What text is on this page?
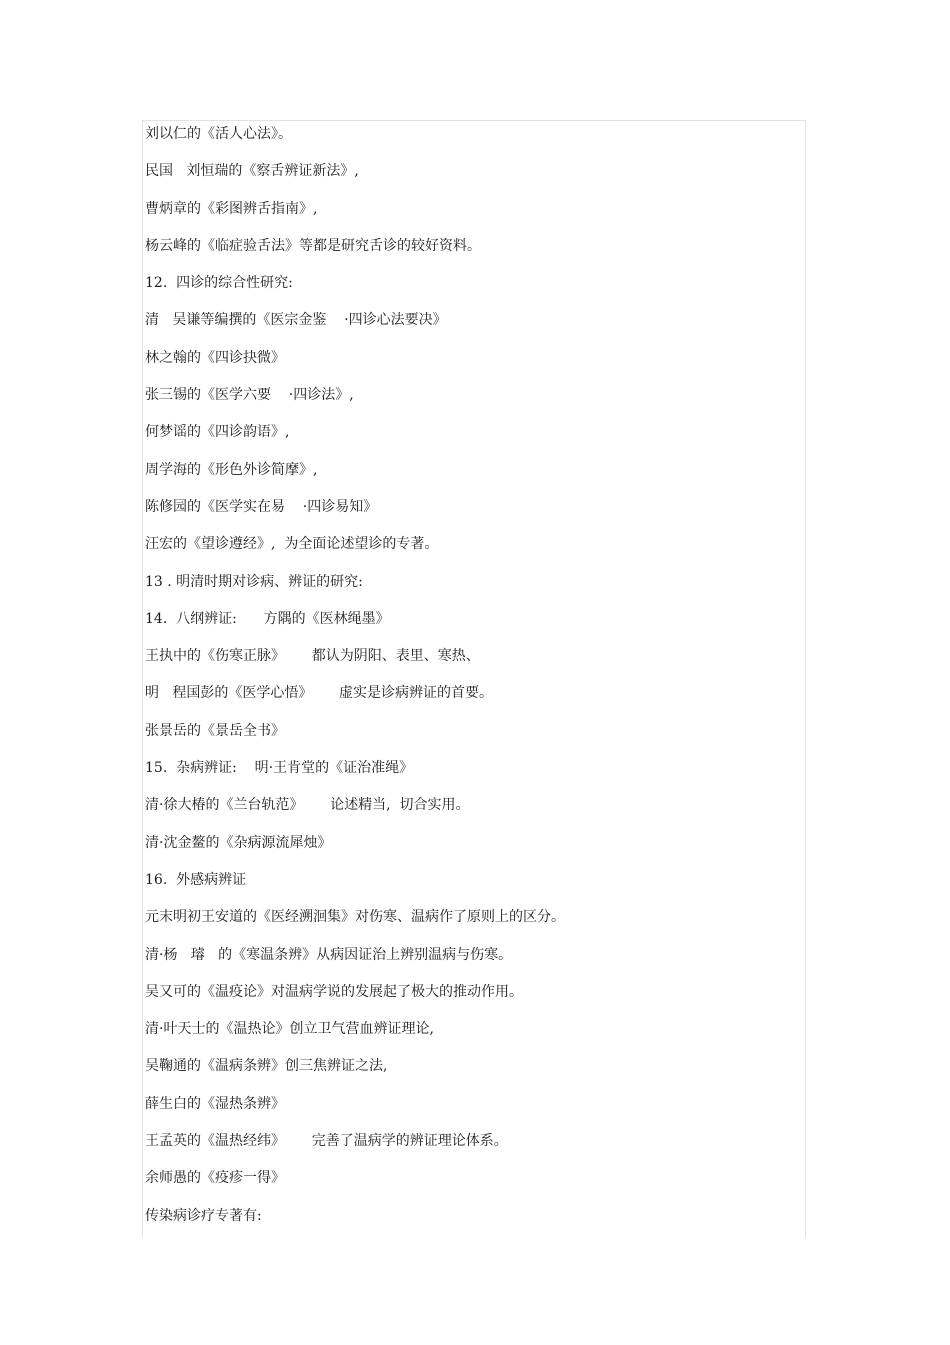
刘以仁的《活人心法》。

民国   刘恒瑞的《察舌辨证新法》,

曹炳章的《彩图辨舌指南》,

杨云峰的《临症验舌法》等都是研究舌诊的较好资料。

12.  四诊的综合性研究:

清   吴谦等编撰的《医宗金鉴    ·四诊心法要决》

林之翰的《四诊抉微》

张三锡的《医学六要    ·四诊法》,

何梦谣的《四诊韵语》,

周学海的《形色外诊简摩》,

陈修园的《医学实在易    ·四诊易知》

汪宏的《望诊遵经》,  为全面论述望诊的专著。

13 . 明清时期对诊病、辨证的研究:

14.  八纲辨证:      方隅的《医林绳墨》

王执中的《伤寒正脉》      都认为阴阳、表里、寒热、

明   程国彭的《医学心悟》      虚实是诊病辨证的首要。

张景岳的《景岳全书》

15.  杂病辨证:    明·王肯堂的《证治准绳》

清·徐大椿的《兰台轨范》      论述精当,  切合实用。

清·沈金鳌的《杂病源流犀烛》

16.  外感病辨证

元末明初王安道的《医经溯洄集》对伤寒、温病作了原则上的区分。

清·杨   璿   的《寒温条辨》从病因证治上辨别温病与伤寒。

吴又可的《温疫论》对温病学说的发展起了极大的推动作用。

清·叶天士的《温热论》创立卫气营血辨证理论,

吴鞠通的《温病条辨》创三焦辨证之法,

薛生白的《湿热条辨》

王孟英的《温热经纬》      完善了温病学的辨证理论体系。

余师愚的《疫疹一得》

传染病诊疗专著有:
